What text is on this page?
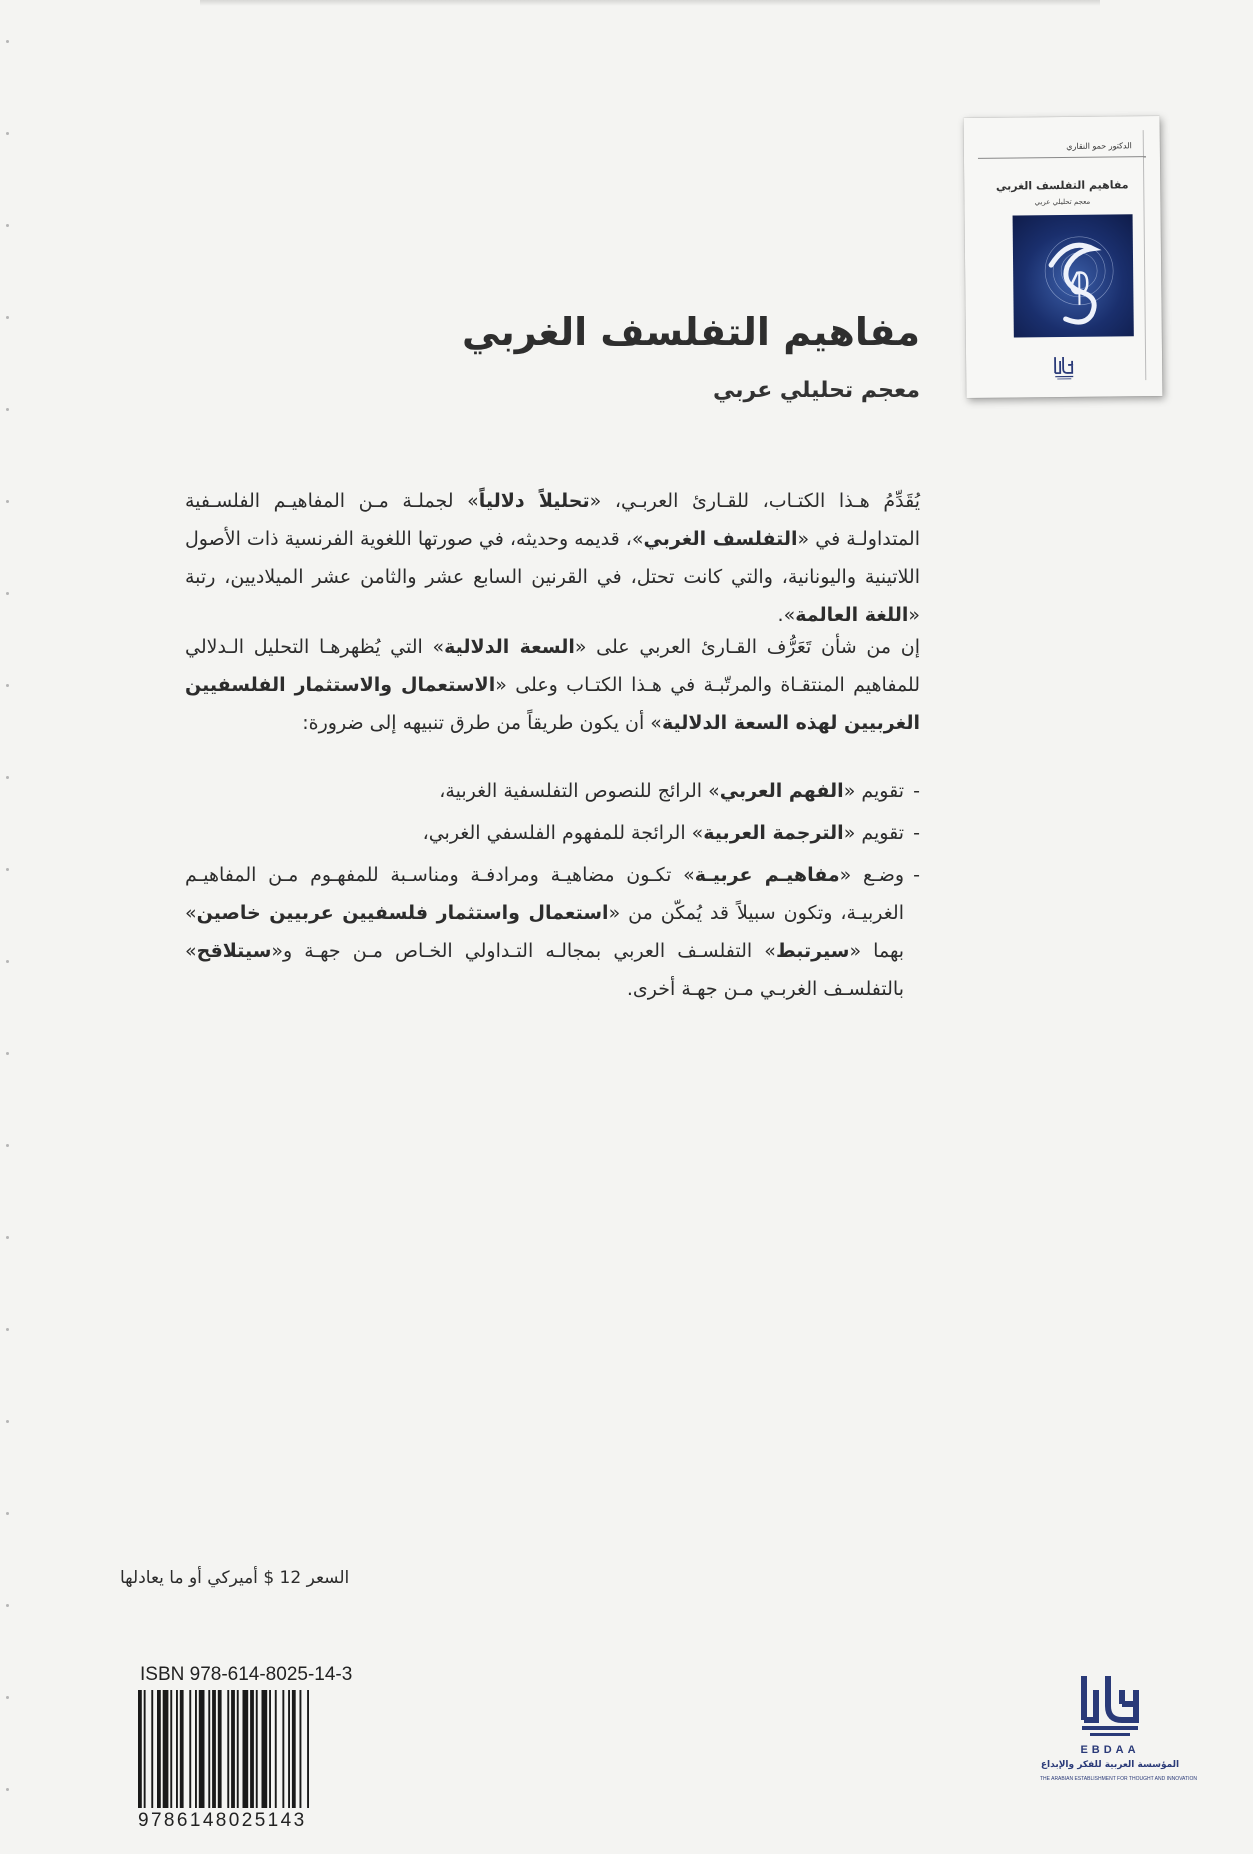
الدكتور حمو النقاري
مفاهيم التفلسف الغربي
معجم تحليلي عربي
مفاهيم التفلسف الغربي
معجم تحليلي عربي
يُقَدِّمُ هـذا الكتـاب، للقـارئ العربـي، «تحليلاً دلالياً» لجملـة مـن المفاهيـم الفلسـفية المتداولـة في «التفلسف الغربي»، قديمه وحديثه، في صورتها اللغوية الفرنسية ذات الأصول اللاتينية واليونانية، والتي كانت تحتل، في القرنين السابع عشر والثامن عشر الميلاديين، رتبة «اللغة العالمة».
إن من شأن تَعَرُّف القـارئ العربي على «السعة الدلالية» التي يُظهرهـا التحليل الـدلالي للمفاهيم المنتقـاة والمرتّبـة في هـذا الكتـاب وعلى «الاستعمال والاستثمار الفلسفيين الغربيين لهذه السعة الدلالية» أن يكون طريقاً من طرق تنبيهه إلى ضرورة:
-
تقويم «الفهم العربي» الرائج للنصوص التفلسفية الغربية،
-
تقويم «الترجمة العربية» الرائجة للمفهوم الفلسفي الغربي،
-
وضـع «مفاهيـم عربيـة» تكـون مضاهيـة ومرادفـة ومناسـبة للمفهـوم مـن المفاهيـم الغربيـة، وتكون سبيلاً قد يُمكّن من «استعمال واستثمار فلسفيين عربيين خاصين» بهما «سيرتبط» التفلسـف العربي بمجالـه التـداولي الخـاص مـن جهـة و«سيتلاقح» بالتفلسـف الغربـي مـن جهـة أخرى.
السعر 12 $ أميركي أو ما يعادلها
ISBN 978-614-8025-14-3
9786148025143
EBDAA
المؤسسة العربية للفكر والإبداع
THE ARABIAN ESTABLISHMENT FOR THOUGHT AND INNOVATION
